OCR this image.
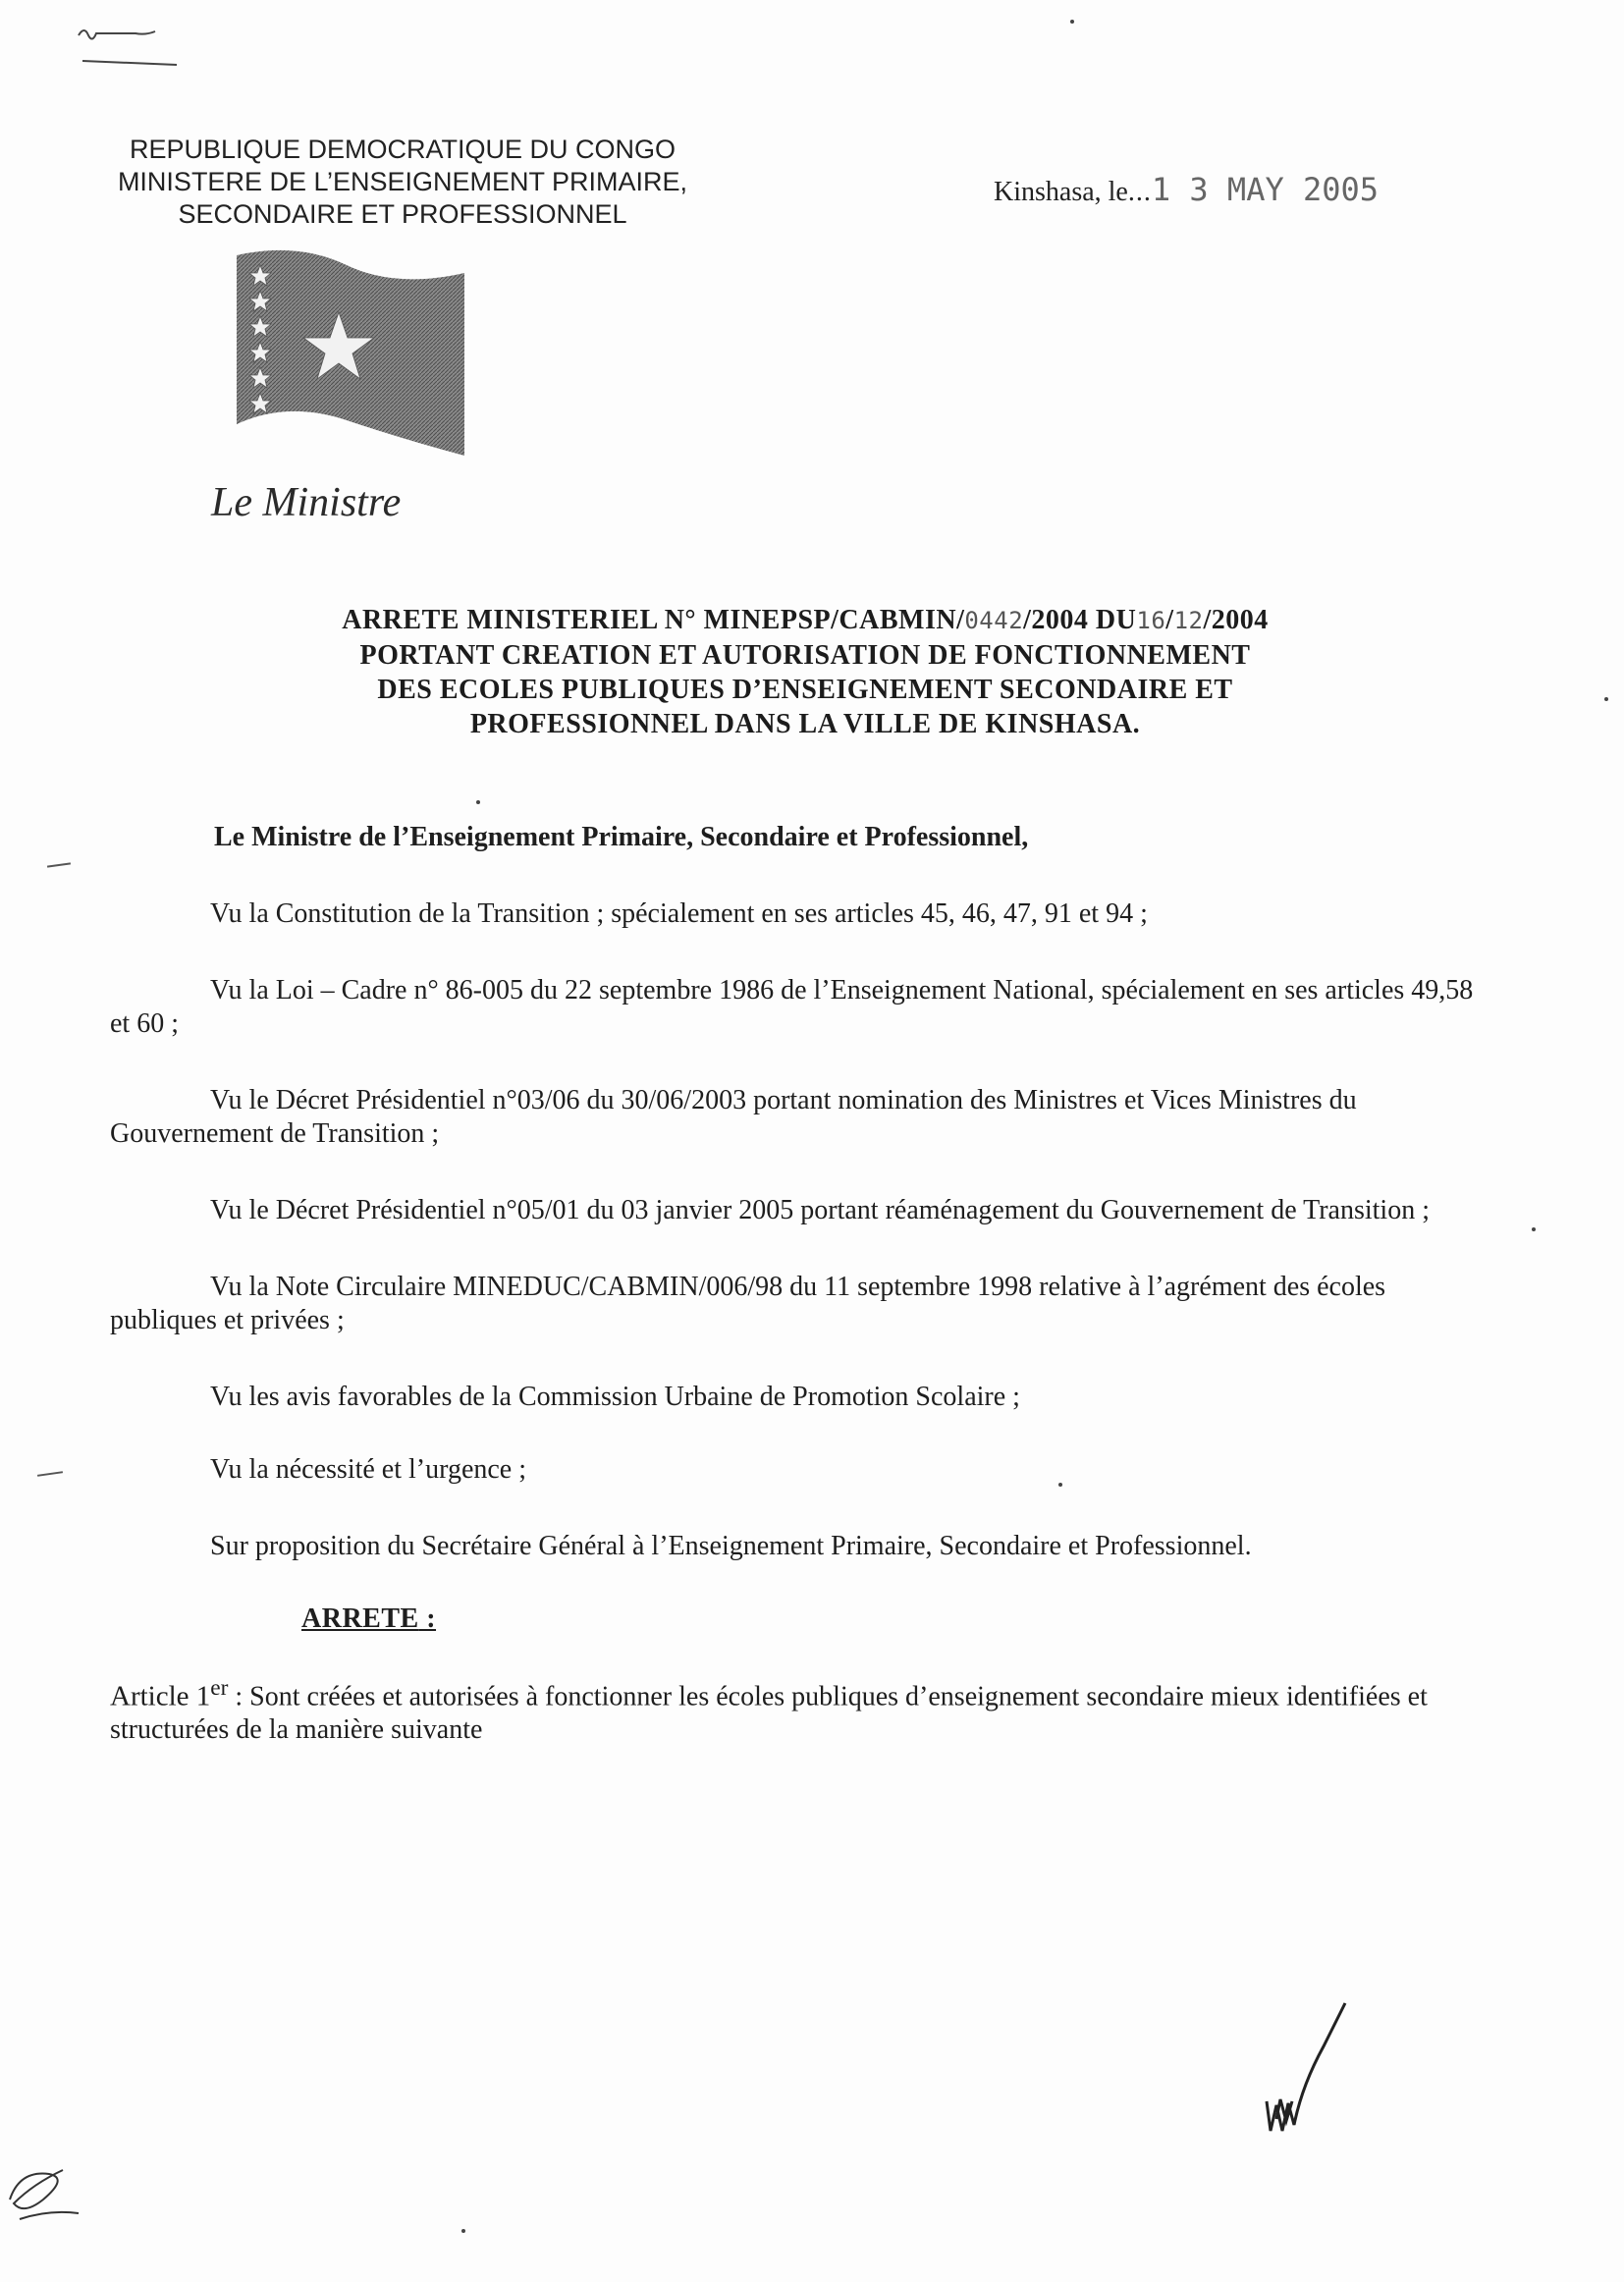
REPUBLIQUE DEMOCRATIQUE DU CONGO
MINISTERE DE L’ENSEIGNEMENT PRIMAIRE,
SECONDAIRE ET PROFESSIONNEL
Kinshasa, le...1 3 MAY 2005
Le Ministre
ARRETE MINISTERIEL N° MINEPSP/CABMIN/0442/2004 DU16/12/2004
PORTANT CREATION ET AUTORISATION DE FONCTIONNEMENT
DES ECOLES PUBLIQUES D’ENSEIGNEMENT SECONDAIRE ET
PROFESSIONNEL DANS LA VILLE DE KINSHASA.

Le Ministre de l’Enseignement Primaire, Secondaire et Professionnel,

Vu la Constitution de la Transition ; spécialement en ses articles 45, 46, 47, 91 et 94 ;

Vu la Loi – Cadre n° 86-005 du 22 septembre 1986 de l’Enseignement National, spécialement en ses articles 49,58 et 60 ;

Vu le Décret Présidentiel n°03/06 du 30/06/2003 portant nomination des Ministres et Vices Ministres du Gouvernement de Transition ;

Vu le Décret Présidentiel n°05/01 du 03 janvier 2005 portant réaménagement du Gouvernement de Transition ;

Vu la Note Circulaire MINEDUC/CABMIN/006/98 du 11 septembre 1998 relative à l’agrément des écoles publiques et privées ;

Vu les avis favorables de la Commission Urbaine de Promotion Scolaire ;

Vu la nécessité et l’urgence ;

Sur proposition du Secrétaire Général à l’Enseignement Primaire, Secondaire et Professionnel.

ARRETE :

Article 1er : Sont créées et autorisées à fonctionner les écoles publiques d’enseignement secondaire mieux identifiées et structurées de la manière suivante
